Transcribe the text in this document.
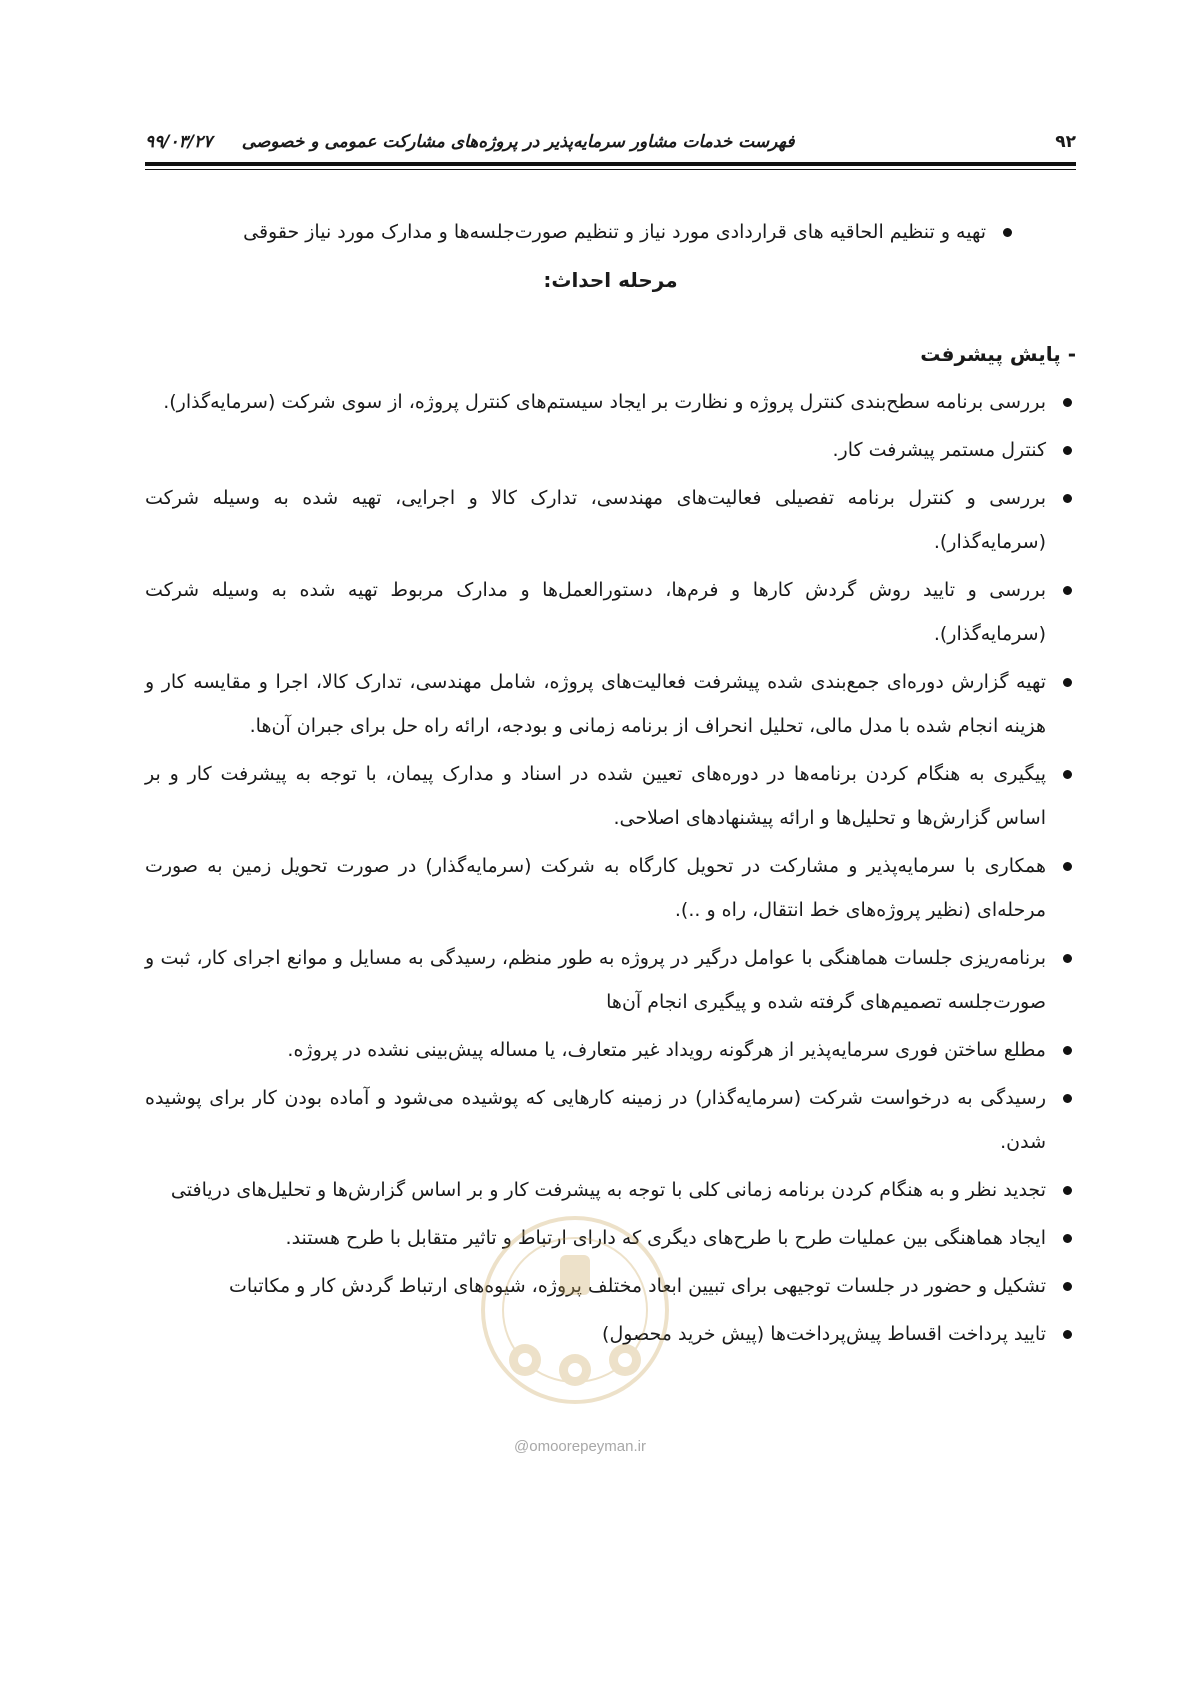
۹۲
فهرست خدمات مشاور سرمایه‌پذیر در پروژه‌های مشارکت عمومی و خصوصی     ۹۹/۰۳/۲۷
تهیه و تنظیم الحاقیه های قراردادی مورد نیاز و تنظیم صورت‌جلسه‌ها و مدارک مورد نیاز حقوقی
مرحله احداث:
- پایش پیشرفت
بررسی برنامه سطح‌بندی کنترل پروژه و نظارت بر ایجاد سیستم‌های کنترل پروژه، از سوی شرکت (سرمایه‌گذار).
کنترل مستمر پیشرفت کار.
بررسی و کنترل برنامه تفصیلی فعالیت‌های مهندسی، تدارک کالا و اجرایی، تهیه شده به وسیله شرکت (سرمایه‌گذار).
بررسی و تایید روش گردش کارها و فرم‌ها، دستورالعمل‌ها و مدارک مربوط تهیه شده به وسیله شرکت (سرمایه‌گذار).
تهیه گزارش دوره‌ای جمع‌بندی شده پیشرفت فعالیت‌های پروژه، شامل مهندسی، تدارک کالا، اجرا و مقایسه کار و هزینه انجام شده با مدل مالی، تحلیل انحراف از برنامه زمانی و بودجه، ارائه راه حل برای جبران آن‌ها.
پیگیری به هنگام کردن برنامه‌ها در دوره‌های تعیین شده در اسناد و مدارک پیمان، با توجه به پیشرفت کار و بر اساس گزارش‌ها و تحلیل‌ها و ارائه پیشنهادهای اصلاحی.
همکاری با سرمایه‌پذیر و مشارکت در تحویل کارگاه به شرکت (سرمایه‌گذار) در صورت تحویل زمین به صورت مرحله‌ای (نظیر پروژه‌های خط انتقال، راه و ..).
برنامه‌ریزی جلسات هماهنگی با عوامل درگیر در پروژه به طور منظم، رسیدگی به مسایل و موانع اجرای کار، ثبت و صورت‌جلسه تصمیم‌های گرفته شده و پیگیری انجام آن‌ها
مطلع ساختن فوری سرمایه‌پذیر از هرگونه رویداد غیر متعارف، یا مساله پیش‌بینی نشده در پروژه.
رسیدگی به درخواست شرکت (سرمایه‌گذار) در زمینه کارهایی که پوشیده می‌شود و آماده بودن کار برای پوشیده شدن.
تجدید نظر و به هنگام کردن برنامه زمانی کلی با توجه به پیشرفت کار و بر اساس گزارش‌ها و تحلیل‌های دریافتی
ایجاد هماهنگی بین عملیات طرح با طرح‌های دیگری که دارای ارتباط و تاثیر متقابل با طرح هستند.
تشکیل و حضور در جلسات توجیهی برای تبیین ابعاد مختلف پروژه، شیوه‌های ارتباط گردش کار و مکاتبات
تایید پرداخت اقساط پیش‌پرداخت‌ها (پیش خرید محصول)
@omoorepeyman.ir
